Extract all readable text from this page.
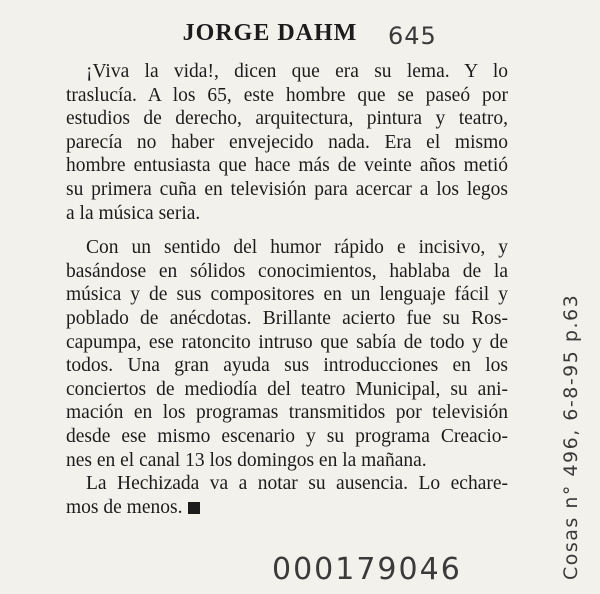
JORGE DAHM	645
¡Viva la vida!, dicen que era su lema. Y lo
traslucía. A los 65, este hombre que se paseó por
estudios de derecho, arquitectura, pintura y teatro,
parecía no haber envejecido nada. Era el mismo
hombre entusiasta que hace más de veinte años metió
su primera cuña en televisión para acercar a los legos
a la música seria.
Con un sentido del humor rápido e incisivo, y
basándose en sólidos conocimientos, hablaba de la
música y de sus compositores en un lenguaje fácil y
poblado de anécdotas. Brillante acierto fue su Ros-
capumpa, ese ratoncito intruso que sabía de todo y de
todos. Una gran ayuda sus introducciones en los
conciertos de mediodía del teatro Municipal, su ani-
mación en los programas transmitidos por televisión
desde ese mismo escenario y su programa Creacio-
nes en el canal 13 los domingos en la mañana.
La Hechizada va a notar su ausencia. Lo echare-
mos de menos.	Cosas n° 496, 6-8-95 p.63
000179046
